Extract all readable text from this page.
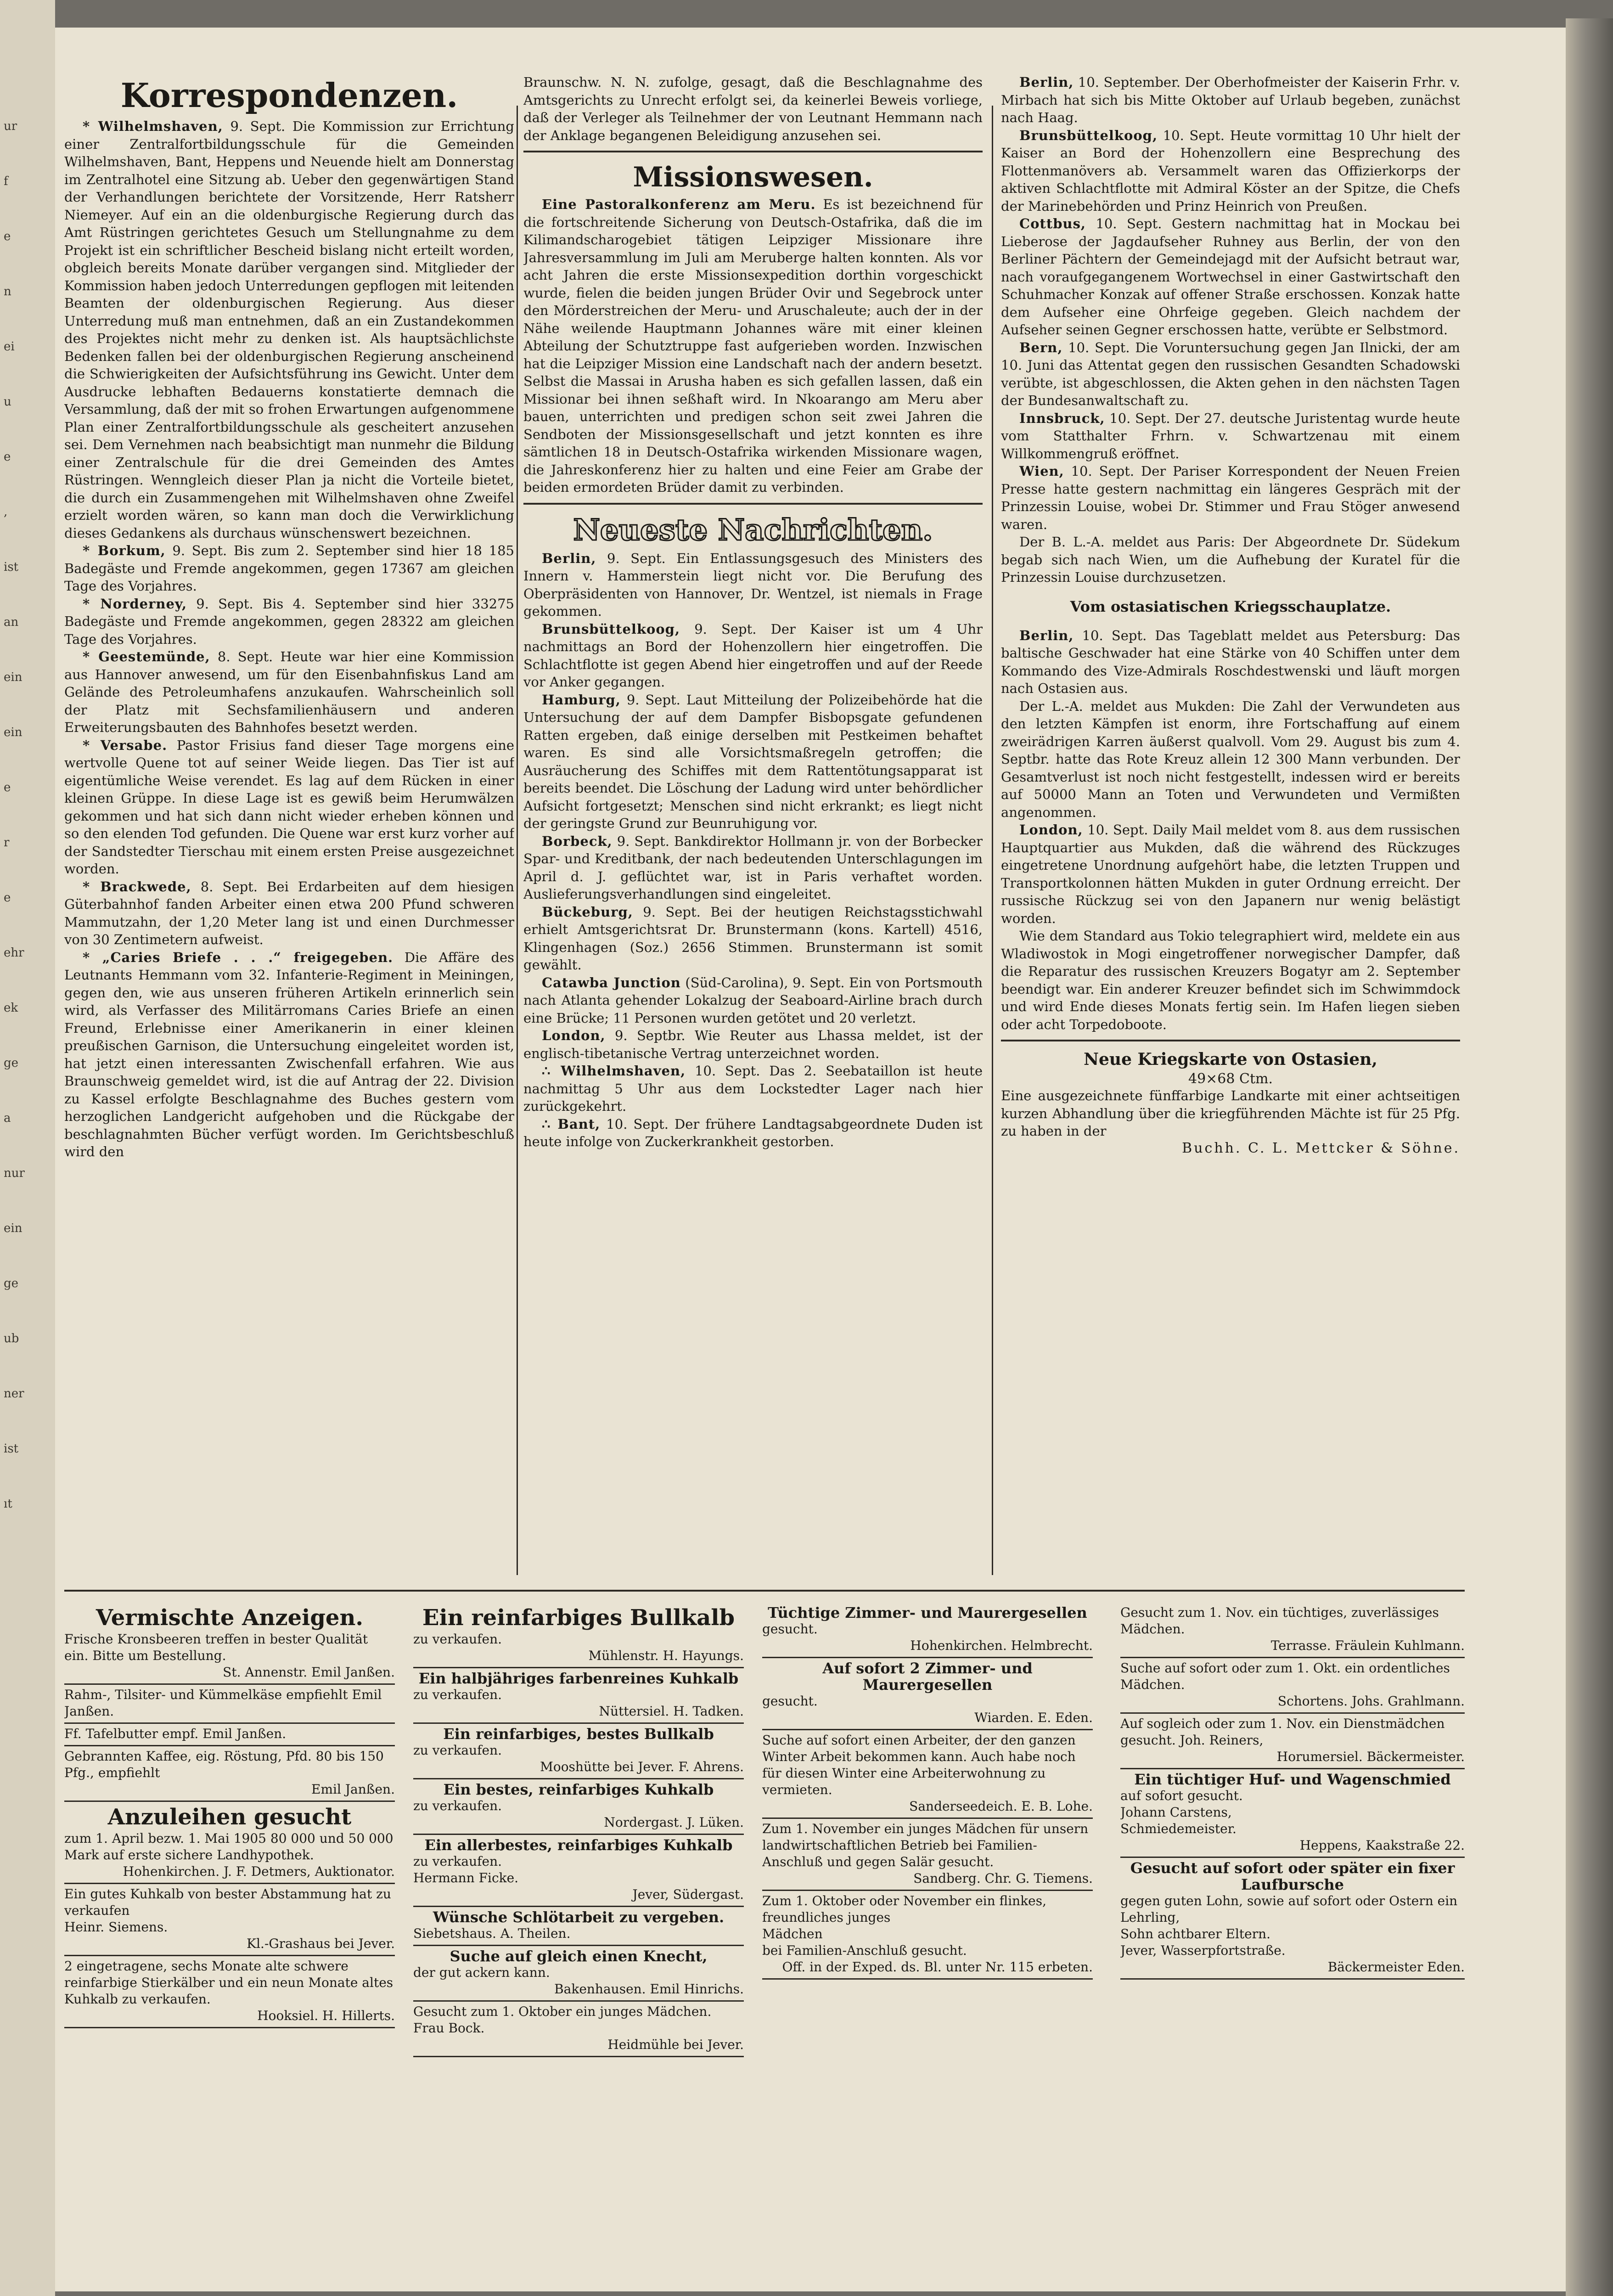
ur
f
e
n
ei
u
e
,
ist
an
ein
ein
e
r
e
ehr
ek
ge
a
nur
ein
ge
ub
ner
ist
ıt
Korrespondenzen.

* Wilhelmshaven, 9. Sept. Die Kommission zur Errichtung einer Zentralfortbildungsschule für die Gemeinden Wilhelmshaven, Bant, Heppens und Neuende hielt am Donnerstag im Zentralhotel eine Sitzung ab. Ueber den gegenwärtigen Stand der Verhandlungen berichtete der Vorsitzende, Herr Ratsherr Niemeyer. Auf ein an die oldenburgische Regierung durch das Amt Rüstringen gerichtetes Gesuch um Stellungnahme zu dem Projekt ist ein schriftlicher Bescheid bislang nicht erteilt worden, obgleich bereits Monate darüber vergangen sind. Mitglieder der Kommission haben jedoch Unterredungen gepflogen mit leitenden Beamten der oldenburgischen Regierung. Aus dieser Unterredung muß man entnehmen, daß an ein Zustandekommen des Projektes nicht mehr zu denken ist. Als hauptsächlichste Bedenken fallen bei der oldenburgischen Regierung anscheinend die Schwierigkeiten der Aufsichtsführung ins Gewicht. Unter dem Ausdrucke lebhaften Bedauerns konstatierte demnach die Versammlung, daß der mit so frohen Erwartungen aufgenommene Plan einer Zentralfortbildungsschule als gescheitert anzusehen sei. Dem Vernehmen nach beabsichtigt man nunmehr die Bildung einer Zentralschule für die drei Gemeinden des Amtes Rüstringen. Wenngleich dieser Plan ja nicht die Vorteile bietet, die durch ein Zusammengehen mit Wilhelmshaven ohne Zweifel erzielt worden wären, so kann man doch die Verwirklichung dieses Gedankens als durchaus wünschenswert bezeichnen.

* Borkum, 9. Sept. Bis zum 2. September sind hier 18 185 Badegäste und Fremde angekommen, gegen 17367 am gleichen Tage des Vorjahres.

* Norderney, 9. Sept. Bis 4. September sind hier 33275 Badegäste und Fremde angekommen, gegen 28322 am gleichen Tage des Vorjahres.

* Geestemünde, 8. Sept. Heute war hier eine Kommission aus Hannover anwesend, um für den Eisenbahnfiskus Land am Gelände des Petroleumhafens anzukaufen. Wahrscheinlich soll der Platz mit Sechsfamilienhäusern und anderen Erweiterungsbauten des Bahnhofes besetzt werden.

* Versabe. Pastor Frisius fand dieser Tage morgens eine wertvolle Quene tot auf seiner Weide liegen. Das Tier ist auf eigentümliche Weise verendet. Es lag auf dem Rücken in einer kleinen Grüppe. In diese Lage ist es gewiß beim Herumwälzen gekommen und hat sich dann nicht wieder erheben können und so den elenden Tod gefunden. Die Quene war erst kurz vorher auf der Sandstedter Tierschau mit einem ersten Preise ausgezeichnet worden.

* Brackwede, 8. Sept. Bei Erdarbeiten auf dem hiesigen Güterbahnhof fanden Arbeiter einen etwa 200 Pfund schweren Mammutzahn, der 1,20 Meter lang ist und einen Durchmesser von 30 Zentimetern aufweist.

* „Caries Briefe . . .“ freigegeben. Die Affäre des Leutnants Hemmann vom 32. Infanterie-Regiment in Meiningen, gegen den, wie aus unseren früheren Artikeln erinnerlich sein wird, als Verfasser des Militärromans Caries Briefe an einen Freund, Erlebnisse einer Amerikanerin in einer kleinen preußischen Garnison, die Untersuchung eingeleitet worden ist, hat jetzt einen interessanten Zwischenfall erfahren. Wie aus Braunschweig gemeldet wird, ist die auf Antrag der 22. Division zu Kassel erfolgte Beschlagnahme des Buches gestern vom herzoglichen Landgericht aufgehoben und die Rückgabe der beschlagnahmten Bücher verfügt worden. Im Gerichtsbeschluß wird den

Braunschw. N. N. zufolge, gesagt, daß die Beschlagnahme des Amtsgerichts zu Unrecht erfolgt sei, da keinerlei Beweis vorliege, daß der Verleger als Teilnehmer der von Leutnant Hemmann nach der Anklage begangenen Beleidigung anzusehen sei.

Missionswesen.

Eine Pastoralkonferenz am Meru. Es ist bezeichnend für die fortschreitende Sicherung von Deutsch-Ostafrika, daß die im Kilimandscharogebiet tätigen Leipziger Missionare ihre Jahresversammlung im Juli am Meruberge halten konnten. Als vor acht Jahren die erste Missionsexpedition dorthin vorgeschickt wurde, fielen die beiden jungen Brüder Ovir und Segebrock unter den Mörderstreichen der Meru- und Aruschaleute; auch der in der Nähe weilende Hauptmann Johannes wäre mit einer kleinen Abteilung der Schutztruppe fast aufgerieben worden. Inzwischen hat die Leipziger Mission eine Landschaft nach der andern besetzt. Selbst die Massai in Arusha haben es sich gefallen lassen, daß ein Missionar bei ihnen seßhaft wird. In Nkoarango am Meru aber bauen, unterrichten und predigen schon seit zwei Jahren die Sendboten der Missionsgesellschaft und jetzt konnten es ihre sämtlichen 18 in Deutsch-Ostafrika wirkenden Missionare wagen, die Jahreskonferenz hier zu halten und eine Feier am Grabe der beiden ermordeten Brüder damit zu verbinden.

Neueste Nachrichten.

Berlin, 9. Sept. Ein Entlassungsgesuch des Ministers des Innern v. Hammerstein liegt nicht vor. Die Berufung des Oberpräsidenten von Hannover, Dr. Wentzel, ist niemals in Frage gekommen.

Brunsbüttelkoog, 9. Sept. Der Kaiser ist um 4 Uhr nachmittags an Bord der Hohenzollern hier eingetroffen. Die Schlachtflotte ist gegen Abend hier eingetroffen und auf der Reede vor Anker gegangen.

Hamburg, 9. Sept. Laut Mitteilung der Polizeibehörde hat die Untersuchung der auf dem Dampfer Bisbopsgate gefundenen Ratten ergeben, daß einige derselben mit Pestkeimen behaftet waren. Es sind alle Vorsichtsmaßregeln getroffen; die Ausräucherung des Schiffes mit dem Rattentötungsapparat ist bereits beendet. Die Löschung der Ladung wird unter behördlicher Aufsicht fortgesetzt; Menschen sind nicht erkrankt; es liegt nicht der geringste Grund zur Beunruhigung vor.

Borbeck, 9. Sept. Bankdirektor Hollmann jr. von der Borbecker Spar- und Kreditbank, der nach bedeutenden Unterschlagungen im April d. J. geflüchtet war, ist in Paris verhaftet worden. Auslieferungsverhandlungen sind eingeleitet.

Bückeburg, 9. Sept. Bei der heutigen Reichstagsstichwahl erhielt Amtsgerichtsrat Dr. Brunstermann (kons. Kartell) 4516, Klingenhagen (Soz.) 2656 Stimmen. Brunstermann ist somit gewählt.

Catawba Junction (Süd-Carolina), 9. Sept. Ein von Portsmouth nach Atlanta gehender Lokalzug der Seaboard-Airline brach durch eine Brücke; 11 Personen wurden getötet und 20 verletzt.

London, 9. Septbr. Wie Reuter aus Lhassa meldet, ist der englisch-tibetanische Vertrag unterzeichnet worden.

∴ Wilhelmshaven, 10. Sept. Das 2. Seebataillon ist heute nachmittag 5 Uhr aus dem Lockstedter Lager nach hier zurückgekehrt.

∴ Bant, 10. Sept. Der frühere Landtagsabgeordnete Duden ist heute infolge von Zuckerkrankheit gestorben.

Berlin, 10. September. Der Oberhofmeister der Kaiserin Frhr. v. Mirbach hat sich bis Mitte Oktober auf Urlaub begeben, zunächst nach Haag.

Brunsbüttelkoog, 10. Sept. Heute vormittag 10 Uhr hielt der Kaiser an Bord der Hohenzollern eine Besprechung des Flottenmanövers ab. Versammelt waren das Offizierkorps der aktiven Schlachtflotte mit Admiral Köster an der Spitze, die Chefs der Marinebehörden und Prinz Heinrich von Preußen.

Cottbus, 10. Sept. Gestern nachmittag hat in Mockau bei Lieberose der Jagdaufseher Ruhney aus Berlin, der von den Berliner Pächtern der Gemeindejagd mit der Aufsicht betraut war, nach voraufgegangenem Wortwechsel in einer Gastwirtschaft den Schuhmacher Konzak auf offener Straße erschossen. Konzak hatte dem Aufseher eine Ohrfeige gegeben. Gleich nachdem der Aufseher seinen Gegner erschossen hatte, verübte er Selbstmord.

Bern, 10. Sept. Die Voruntersuchung gegen Jan Ilnicki, der am 10. Juni das Attentat gegen den russischen Gesandten Schadowski verübte, ist abgeschlossen, die Akten gehen in den nächsten Tagen der Bundesanwaltschaft zu.

Innsbruck, 10. Sept. Der 27. deutsche Juristentag wurde heute vom Statthalter Frhrn. v. Schwartzenau mit einem Willkommengruß eröffnet.

Wien, 10. Sept. Der Pariser Korrespondent der Neuen Freien Presse hatte gestern nachmittag ein längeres Gespräch mit der Prinzessin Louise, wobei Dr. Stimmer und Frau Stöger anwesend waren.

Der B. L.-A. meldet aus Paris: Der Abgeordnete Dr. Südekum begab sich nach Wien, um die Aufhebung der Kuratel für die Prinzessin Louise durchzusetzen.

Vom ostasiatischen Kriegsschauplatze.

Berlin, 10. Sept. Das Tageblatt meldet aus Petersburg: Das baltische Geschwader hat eine Stärke von 40 Schiffen unter dem Kommando des Vize-Admirals Roschdestwenski und läuft morgen nach Ostasien aus.

Der L.-A. meldet aus Mukden: Die Zahl der Verwundeten aus den letzten Kämpfen ist enorm, ihre Fortschaffung auf einem zweirädrigen Karren äußerst qualvoll. Vom 29. August bis zum 4. Septbr. hatte das Rote Kreuz allein 12 300 Mann verbunden. Der Gesamtverlust ist noch nicht festgestellt, indessen wird er bereits auf 50000 Mann an Toten und Verwundeten und Vermißten angenommen.

London, 10. Sept. Daily Mail meldet vom 8. aus dem russischen Hauptquartier aus Mukden, daß die während des Rückzuges eingetretene Unordnung aufgehört habe, die letzten Truppen und Transportkolonnen hätten Mukden in guter Ordnung erreicht. Der russische Rückzug sei von den Japanern nur wenig belästigt worden.

Wie dem Standard aus Tokio telegraphiert wird, meldete ein aus Wladiwostok in Mogi eingetroffener norwegischer Dampfer, daß die Reparatur des russischen Kreuzers Bogatyr am 2. September beendigt war. Ein anderer Kreuzer befindet sich im Schwimmdock und wird Ende dieses Monats fertig sein. Im Hafen liegen sieben oder acht Torpedoboote.

Neue Kriegskarte von Ostasien,
49×68 Ctm.
Eine ausgezeichnete fünffarbige Landkarte mit einer achtseitigen kurzen Abhandlung über die kriegführenden Mächte ist für 25 Pfg. zu haben in der
Buchh. C. L. Mettcker & Söhne.
Vermischte Anzeigen.
Frische Kronsbeeren treffen in bester Qualität ein. Bitte um Bestellung.
St. Annenstr. Emil Janßen.
Rahm-, Tilsiter- und Kümmelkäse empfiehlt Emil Janßen.
Ff. Tafelbutter empf. Emil Janßen.
Gebrannten Kaffee, eig. Röstung, Pfd. 80 bis 150 Pfg., empfiehlt
Emil Janßen.
Anzuleihen gesucht
zum 1. April bezw. 1. Mai 1905 80 000 und 50 000 Mark auf erste sichere Landhypothek.
Hohenkirchen. J. F. Detmers, Auktionator.
Ein gutes Kuhkalb von bester Abstammung hat zu verkaufen
Heinr. Siemens.
Kl.-Grashaus bei Jever.
2 eingetragene, sechs Monate alte schwere reinfarbige Stierkälber und ein neun Monate altes Kuhkalb zu verkaufen.
Hooksiel. H. Hillerts.
Ein reinfarbiges Bullkalb
zu verkaufen.
Mühlenstr. H. Hayungs.
Ein halbjähriges farbenreines Kuhkalb
zu verkaufen.
Nüttersiel. H. Tadken.
Ein reinfarbiges, bestes Bullkalb
zu verkaufen.
Mooshütte bei Jever. F. Ahrens.
Ein bestes, reinfarbiges Kuhkalb
zu verkaufen.
Nordergast. J. Lüken.
Ein allerbestes, reinfarbiges Kuhkalb
zu verkaufen.
Hermann Ficke.
Jever, Südergast.
Wünsche Schlötarbeit zu vergeben.
Siebetshaus. A. Theilen.
Suche auf gleich einen Knecht,
der gut ackern kann.
Bakenhausen. Emil Hinrichs.
Gesucht zum 1. Oktober ein junges Mädchen.
Frau Bock.
Heidmühle bei Jever.
Tüchtige Zimmer- und Maurergesellen
gesucht.
Hohenkirchen. Helmbrecht.
Auf sofort 2 Zimmer- und Maurergesellen
gesucht.
Wiarden. E. Eden.
Suche auf sofort einen Arbeiter, der den ganzen Winter Arbeit bekommen kann. Auch habe noch für diesen Winter eine Arbeiterwohnung zu vermieten.
Sanderseedeich. E. B. Lohe.
Zum 1. November ein junges Mädchen für unsern landwirtschaftlichen Betrieb bei Familien-Anschluß und gegen Salär gesucht.
Sandberg. Chr. G. Tiemens.
Zum 1. Oktober oder November ein flinkes, freundliches junges
Mädchen
bei Familien-Anschluß gesucht.
Off. in der Exped. ds. Bl. unter Nr. 115 erbeten.
Gesucht zum 1. Nov. ein tüchtiges, zuverlässiges Mädchen.
Terrasse. Fräulein Kuhlmann.
Suche auf sofort oder zum 1. Okt. ein ordentliches Mädchen.
Schortens. Johs. Grahlmann.
Auf sogleich oder zum 1. Nov. ein Dienstmädchen
gesucht. Joh. Reiners,
Horumersiel. Bäckermeister.
Ein tüchtiger Huf- und Wagenschmied
auf sofort gesucht.
Johann Carstens,
Schmiedemeister.
Heppens, Kaakstraße 22.
Gesucht auf sofort oder später ein fixer Laufbursche
gegen guten Lohn, sowie auf sofort oder Ostern ein
Lehrling,
Sohn achtbarer Eltern.
Jever, Wasserpfortstraße.
Bäckermeister Eden.
